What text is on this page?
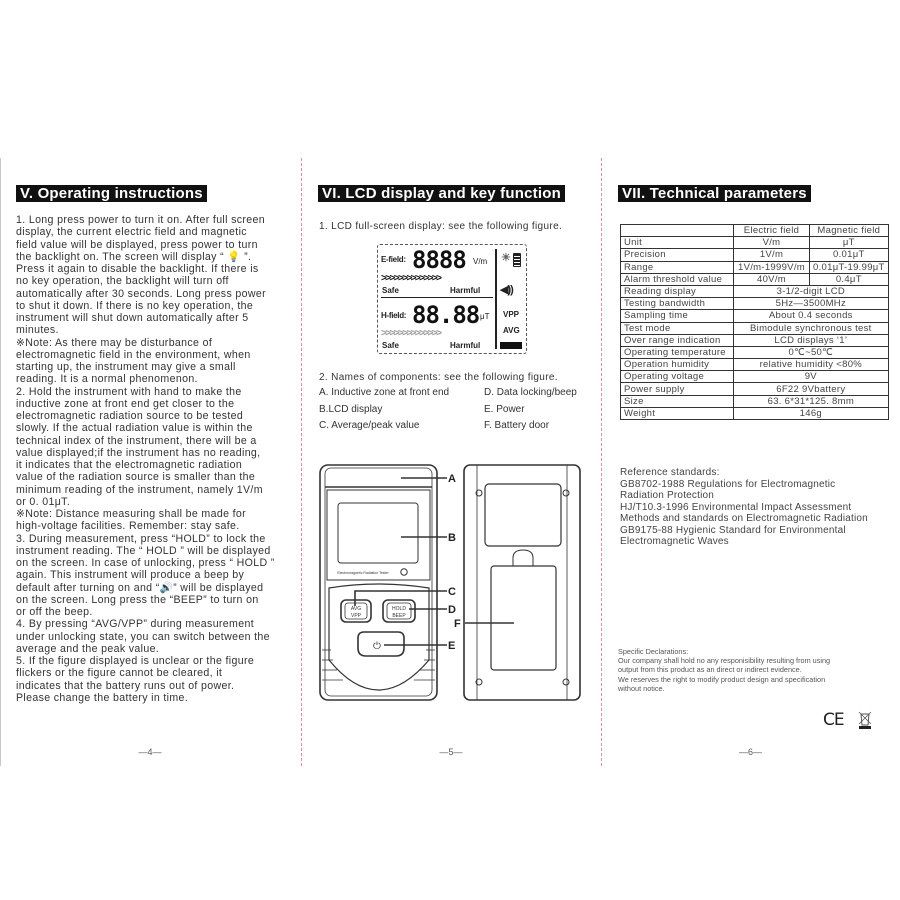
V. Operating instructions

1. Long press power to turn it on. After full screen

display, the current electric field and magnetic

field value will be displayed, press power to turn

the backlight on. The screen will display “ 💡 ”.

Press it again to disable the backlight. If there is

no key operation, the backlight will turn off

automatically after 30 seconds. Long press power

to shut it down. If there is no key operation, the

instrument will shut down automatically after 5

minutes.

※Note: As there may be disturbance of

electromagnetic field in the environment, when

starting up, the instrument may give a small

reading. It is a normal phenomenon.

2. Hold the instrument with hand to make the

inductive zone at front end get closer to the

electromagnetic radiation source to be tested

slowly. If the actual radiation value is within the

technical index of the instrument, there will be a

value displayed;if the instrument has no reading,

it indicates that the electromagnetic radiation

value of the radiation source is smaller than the

minimum reading of the instrument, namely 1V/m

or 0. 01μT.

※Note: Distance measuring shall be made for

high-voltage facilities. Remember: stay safe.

3. During measurement, press “HOLD” to lock the

instrument reading. The “ HOLD ” will be displayed

on the screen. In case of unlocking, press “ HOLD ”

again. This instrument will produce a beep by

default after turning on and “🔊” will be displayed

on the screen. Long press the “BEEP” to turn on

or off the beep.

4. By pressing “AVG/VPP” during measurement

under unlocking state, you can switch between the

average and the peak value.

5. If the figure displayed is unclear or the figure

flickers or the figure cannot be cleared, it

indicates that the battery runs out of power.

Please change the battery in time.

—4—
VI. LCD display and key function
1. LCD full-screen display: see the following figure.
E-field: 8888 V/m
>>>>>>>>>>>>>>
Safe	Harmful
H-field: 88.88 μT
>>>>>>>>>>>>>>
Safe	Harmful
☀
◀))
VPP
AVG
2. Names of components: see the following figure.
A. Inductive zone at front end
B.LCD display
C. Average/peak value
D. Data locking/beep
E. Power
F. Battery door
A
B
C
D
E
F
AVG
VPP
HOLD
BEEP
Electromagnetic Radiation Tester
⏻
—5—
VII. Technical parameters
	Electric field	Magnetic field
Unit	V/m	μT
Precision	1V/m	0.01μT
Range	1V/m-1999V/m	0.01μT-19.99μT
Alarm threshold value	40V/m	0.4μT
Reading display	3-1/2-digit LCD	
Testing bandwidth	5Hz—3500MHz	
Sampling time	About 0.4 seconds	
Test mode	Bimodule synchronous test	
Over range indication	LCD displays ‘1’	
Operating temperature	0℃~50℃	
Operation humidity	relative humidity <80%	
Operating voltage	9V	
Power supply	6F22 9Vbattery	
Size	63. 6*31*125. 8mm	
Weight	146g	
Reference standards:
GB8702-1988 Regulations for Electromagnetic
Radiation Protection
HJ/T10.3-1996 Environmental Impact Assessment
Methods and standards on Electromagnetic Radiation
GB9175-88 Hygienic Standard for Environmental
Electromagnetic Waves
Specific Declarations:
Our company shall hold no any responisibility resulting from using
output from this product as an direct or indirect evidence.
We reserves the right to modify product design and specification
without notice.
CE
—6—
